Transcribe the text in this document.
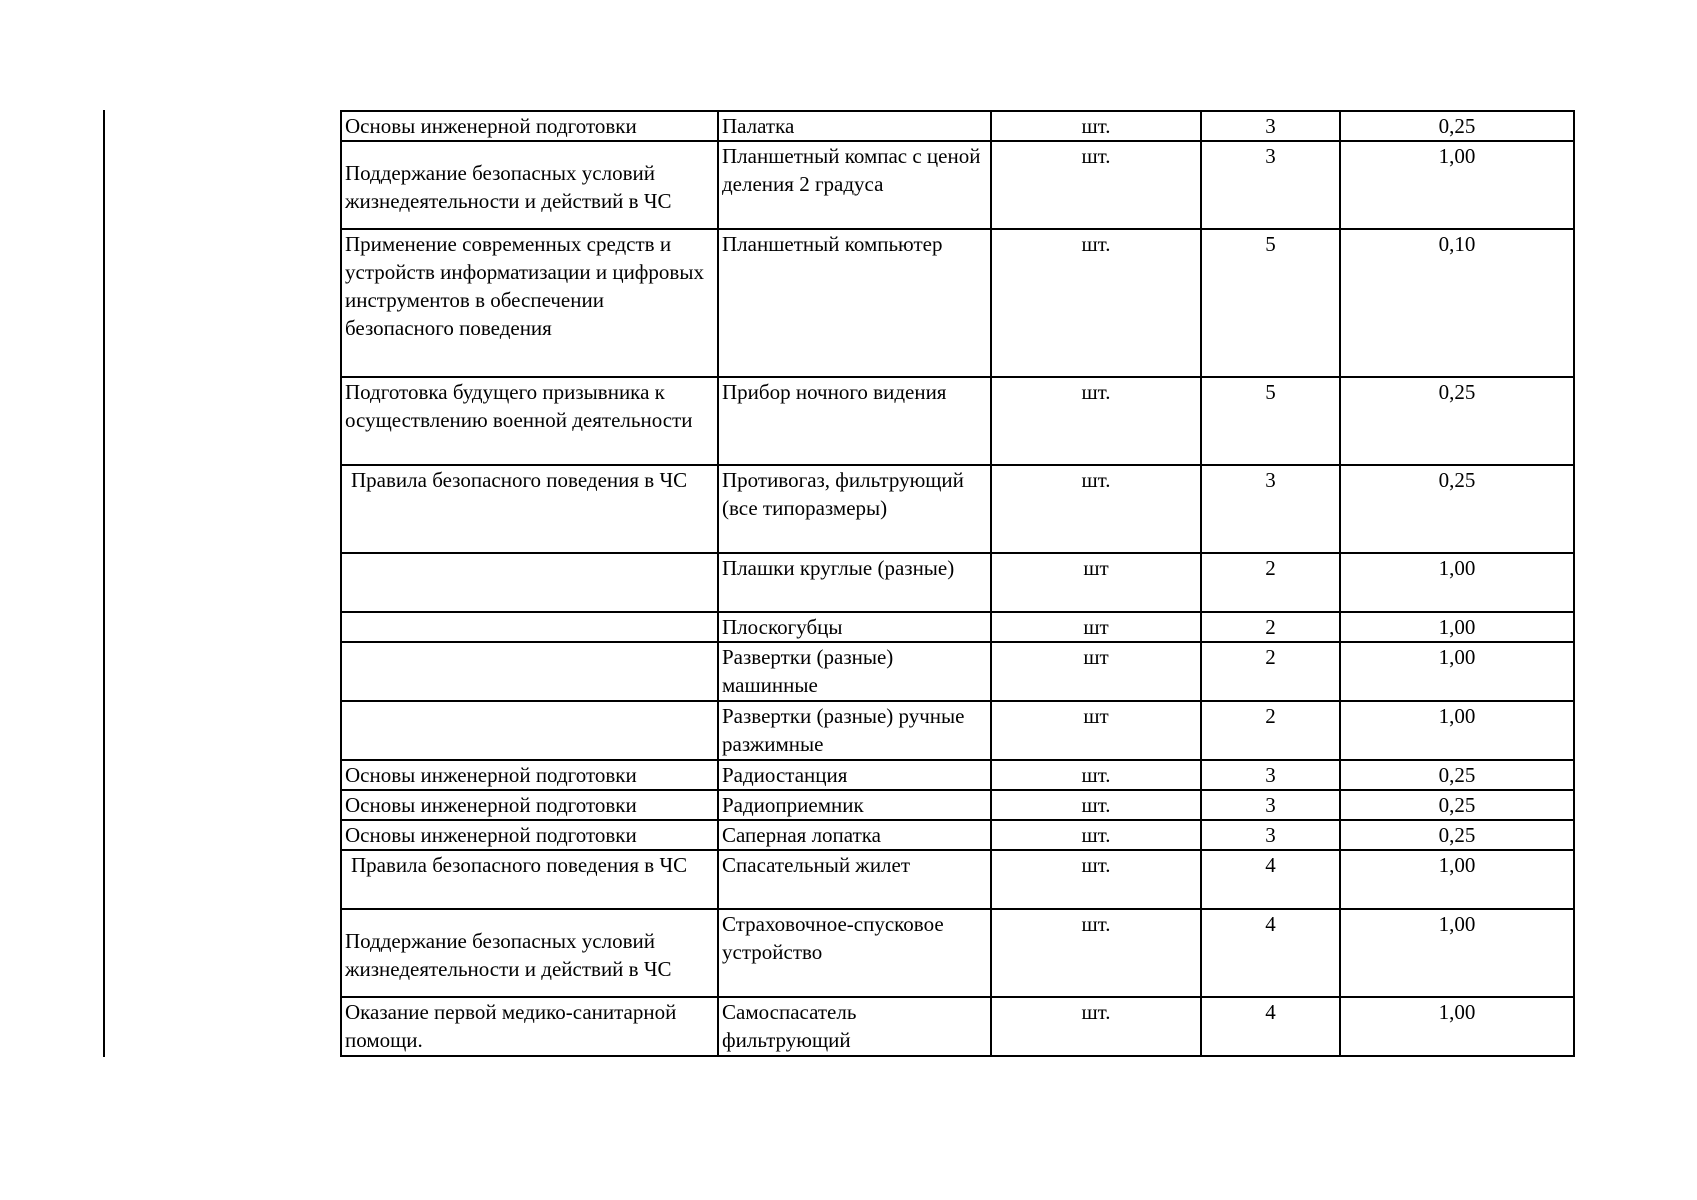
Основы инженерной подготовки	Палатка	шт.	3	0,25
Поддержание безопасных условий жизнедеятельности и действий в ЧС	Планшетный компас с ценой деления 2 градуса	шт.	3	1,00
Применение современных средств и устройств информатизации и цифровых инструментов в обеспечении безопасного поведения	Планшетный компьютер	шт.	5	0,10
Подготовка будущего призывника к осуществлению военной деятельности	Прибор ночного видения	шт.	5	0,25
Правила безопасного поведения в ЧС	Противогаз, фильтрующий (все типоразмеры)	шт.	3	0,25
	Плашки круглые (разные)	шт	2	1,00
	Плоскогубцы	шт	2	1,00
	Развертки (разные) машинные	шт	2	1,00
	Развертки (разные) ручные разжимные	шт	2	1,00
Основы инженерной подготовки	Радиостанция	шт.	3	0,25
Основы инженерной подготовки	Радиоприемник	шт.	3	0,25
Основы инженерной подготовки	Саперная лопатка	шт.	3	0,25
Правила безопасного поведения в ЧС	Спасательный жилет	шт.	4	1,00
Поддержание безопасных условий жизнедеятельности и действий в ЧС	Страховочное-спусковое устройство	шт.	4	1,00
Оказание первой медико-санитарной помощи.	Самоспасатель фильтрующий	шт.	4	1,00
